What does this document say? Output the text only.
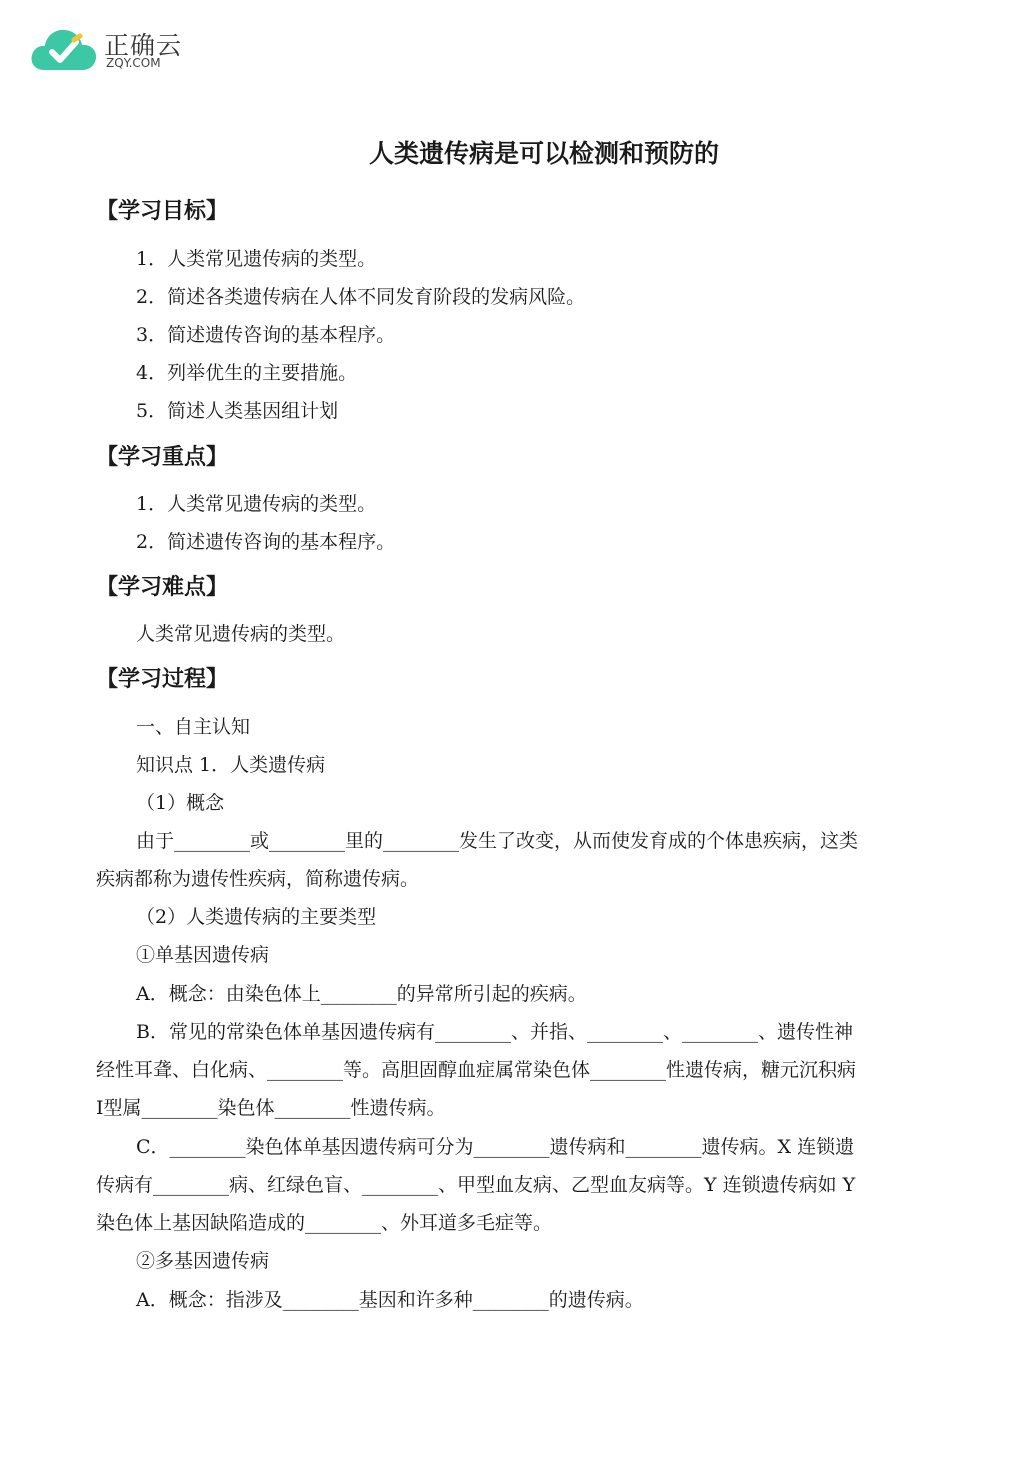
正确云
ZQY.COM
人类遗传病是可以检测和预防的
【学习目标】
1．人类常见遗传病的类型。
2．简述各类遗传病在人体不同发育阶段的发病风险。
3．简述遗传咨询的基本程序。
4．列举优生的主要措施。
5．简述人类基因组计划
【学习重点】
1．人类常见遗传病的类型。
2．简述遗传咨询的基本程序。
【学习难点】
人类常见遗传病的类型。
【学习过程】
一、自主认知
知识点 1．人类遗传病
（1）概念
由于________或________里的________发生了改变，从而使发育成的个体患疾病，这类
疾病都称为遗传性疾病，简称遗传病。
（2）人类遗传病的主要类型
①单基因遗传病
A．概念：由染色体上________的异常所引起的疾病。
B．常见的常染色体单基因遗传病有________、并指、________、________、遗传性神
经性耳聋、白化病、________等。高胆固醇血症属常染色体________性遗传病，糖元沉积病
Ⅰ型属________染色体________性遗传病。
C．________染色体单基因遗传病可分为________遗传病和________遗传病。X 连锁遗
传病有________病、红绿色盲、________、甲型血友病、乙型血友病等。Y 连锁遗传病如 Y
染色体上基因缺陷造成的________、外耳道多毛症等。
②多基因遗传病
A．概念：指涉及________基因和许多种________的遗传病。
